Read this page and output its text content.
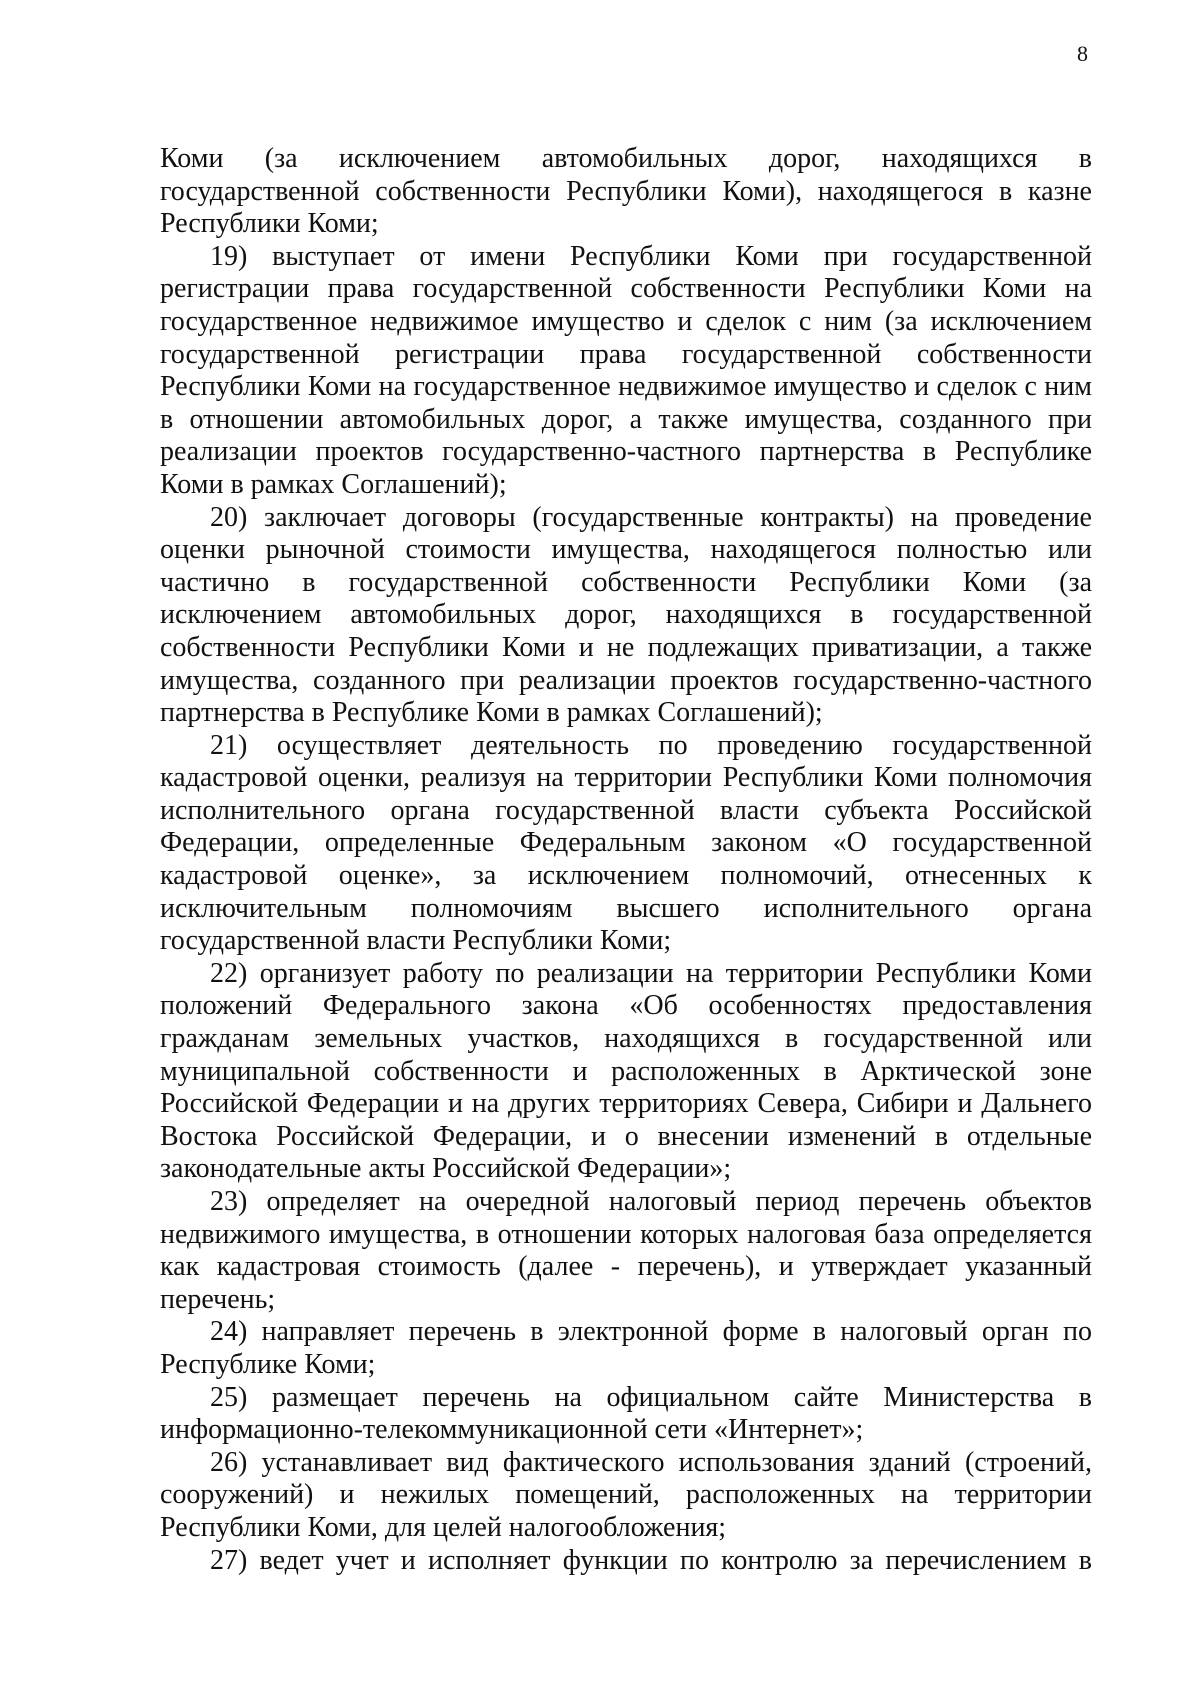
8

Коми (за исключением автомобильных дорог, находящихся в государственной собственности Республики Коми), находящегося в казне Республики Коми;

19) выступает от имени Республики Коми при государственной регистрации права государственной собственности Республики Коми на государственное недвижимое имущество и сделок с ним (за исключением государственной регистрации права государственной собственности Республики Коми на государственное недвижимое имущество и сделок с ним в отношении автомобильных дорог, а также имущества, созданного при реализации проектов государственно-частного партнерства в Республике Коми в рамках Соглашений);

20) заключает договоры (государственные контракты) на проведение оценки рыночной стоимости имущества, находящегося полностью или частично в государственной собственности Республики Коми (за исключением автомобильных дорог, находящихся в государственной собственности Республики Коми и не подлежащих приватизации, а также имущества, созданного при реализации проектов государственно-частного партнерства в Республике Коми в рамках Соглашений);

21) осуществляет деятельность по проведению государственной кадастровой оценки, реализуя на территории Республики Коми полномочия исполнительного органа государственной власти субъекта Российской Федерации, определенные Федеральным законом «О государственной кадастровой оценке», за исключением полномочий, отнесенных к исключительным полномочиям высшего исполнительного органа государственной власти Республики Коми;

22) организует работу по реализации на территории Республики Коми положений Федерального закона «Об особенностях предоставления гражданам земельных участков, находящихся в государственной или муниципальной собственности и расположенных в Арктической зоне Российской Федерации и на других территориях Севера, Сибири и Дальнего Востока Российской Федерации, и о внесении изменений в отдельные законодательные акты Российской Федерации»;

23) определяет на очередной налоговый период перечень объектов недвижимого имущества, в отношении которых налоговая база определяется как кадастровая стоимость (далее - перечень), и утверждает указанный перечень;

24) направляет перечень в электронной форме в налоговый орган по Республике Коми;

25) размещает перечень на официальном сайте Министерства в информационно-телекоммуникационной сети «Интернет»;

26) устанавливает вид фактического использования зданий (строений, сооружений) и нежилых помещений, расположенных на территории Республики Коми, для целей налогообложения;

27) ведет учет и исполняет функции по контролю за перечислением в
